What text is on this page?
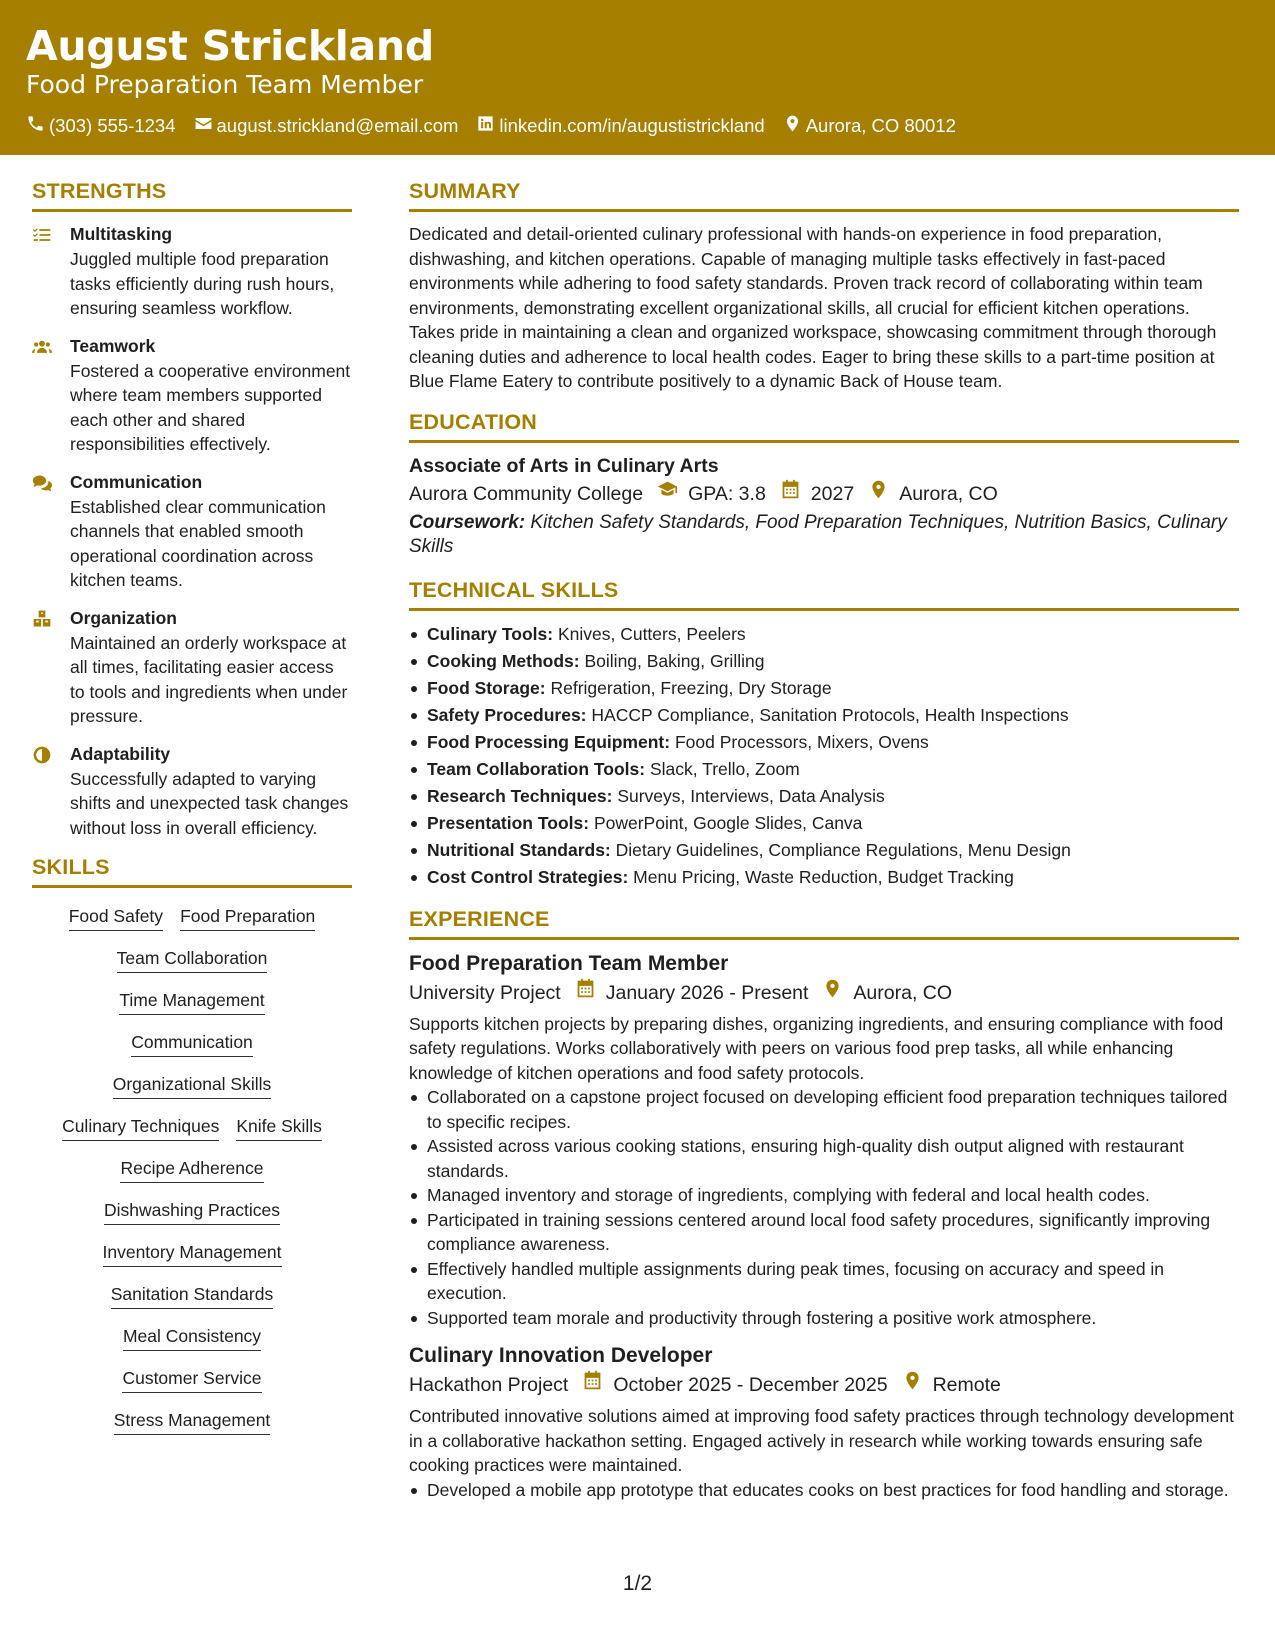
August Strickland
Food Preparation Team Member
(303) 555-1234 august.strickland@email.com linkedin.com/in/augustistrickland Aurora, CO 80012
STRENGTHS
Multitasking
Juggled multiple food preparation tasks efficiently during rush hours, ensuring seamless workflow.
Teamwork
Fostered a cooperative environment where team members supported each other and shared responsibilities effectively.
Communication
Established clear communication channels that enabled smooth operational coordination across kitchen teams.
Organization
Maintained an orderly workspace at all times, facilitating easier access to tools and ingredients when under pressure.
Adaptability
Successfully adapted to varying shifts and unexpected task changes without loss in overall efficiency.
SKILLS
Food Safety Food Preparation
Team Collaboration
Time Management
Communication
Organizational Skills
Culinary Techniques Knife Skills
Recipe Adherence
Dishwashing Practices
Inventory Management
Sanitation Standards
Meal Consistency
Customer Service
Stress Management
SUMMARY
Dedicated and detail-oriented culinary professional with hands-on experience in food preparation, dishwashing, and kitchen operations. Capable of managing multiple tasks effectively in fast-paced environments while adhering to food safety standards. Proven track record of collaborating within team environments, demonstrating excellent organizational skills, all crucial for efficient kitchen operations. Takes pride in maintaining a clean and organized workspace, showcasing commitment through thorough cleaning duties and adherence to local health codes. Eager to bring these skills to a part-time position at Blue Flame Eatery to contribute positively to a dynamic Back of House team.
EDUCATION
Associate of Arts in Culinary Arts
Aurora Community College GPA: 3.8 2027 Aurora, CO
Coursework: Kitchen Safety Standards, Food Preparation Techniques, Nutrition Basics, Culinary Skills
TECHNICAL SKILLS
Culinary Tools: Knives, Cutters, Peelers
Cooking Methods: Boiling, Baking, Grilling
Food Storage: Refrigeration, Freezing, Dry Storage
Safety Procedures: HACCP Compliance, Sanitation Protocols, Health Inspections
Food Processing Equipment: Food Processors, Mixers, Ovens
Team Collaboration Tools: Slack, Trello, Zoom
Research Techniques: Surveys, Interviews, Data Analysis
Presentation Tools: PowerPoint, Google Slides, Canva
Nutritional Standards: Dietary Guidelines, Compliance Regulations, Menu Design
Cost Control Strategies: Menu Pricing, Waste Reduction, Budget Tracking
EXPERIENCE
Food Preparation Team Member
University Project January 2026 - Present Aurora, CO
Supports kitchen projects by preparing dishes, organizing ingredients, and ensuring compliance with food safety regulations. Works collaboratively with peers on various food prep tasks, all while enhancing knowledge of kitchen operations and food safety protocols.
Collaborated on a capstone project focused on developing efficient food preparation techniques tailored to specific recipes.
Assisted across various cooking stations, ensuring high-quality dish output aligned with restaurant standards.
Managed inventory and storage of ingredients, complying with federal and local health codes.
Participated in training sessions centered around local food safety procedures, significantly improving compliance awareness.
Effectively handled multiple assignments during peak times, focusing on accuracy and speed in execution.
Supported team morale and productivity through fostering a positive work atmosphere.
Culinary Innovation Developer
Hackathon Project October 2025 - December 2025 Remote
Contributed innovative solutions aimed at improving food safety practices through technology development in a collaborative hackathon setting. Engaged actively in research while working towards ensuring safe cooking practices were maintained.
Developed a mobile app prototype that educates cooks on best practices for food handling and storage.
1/2
